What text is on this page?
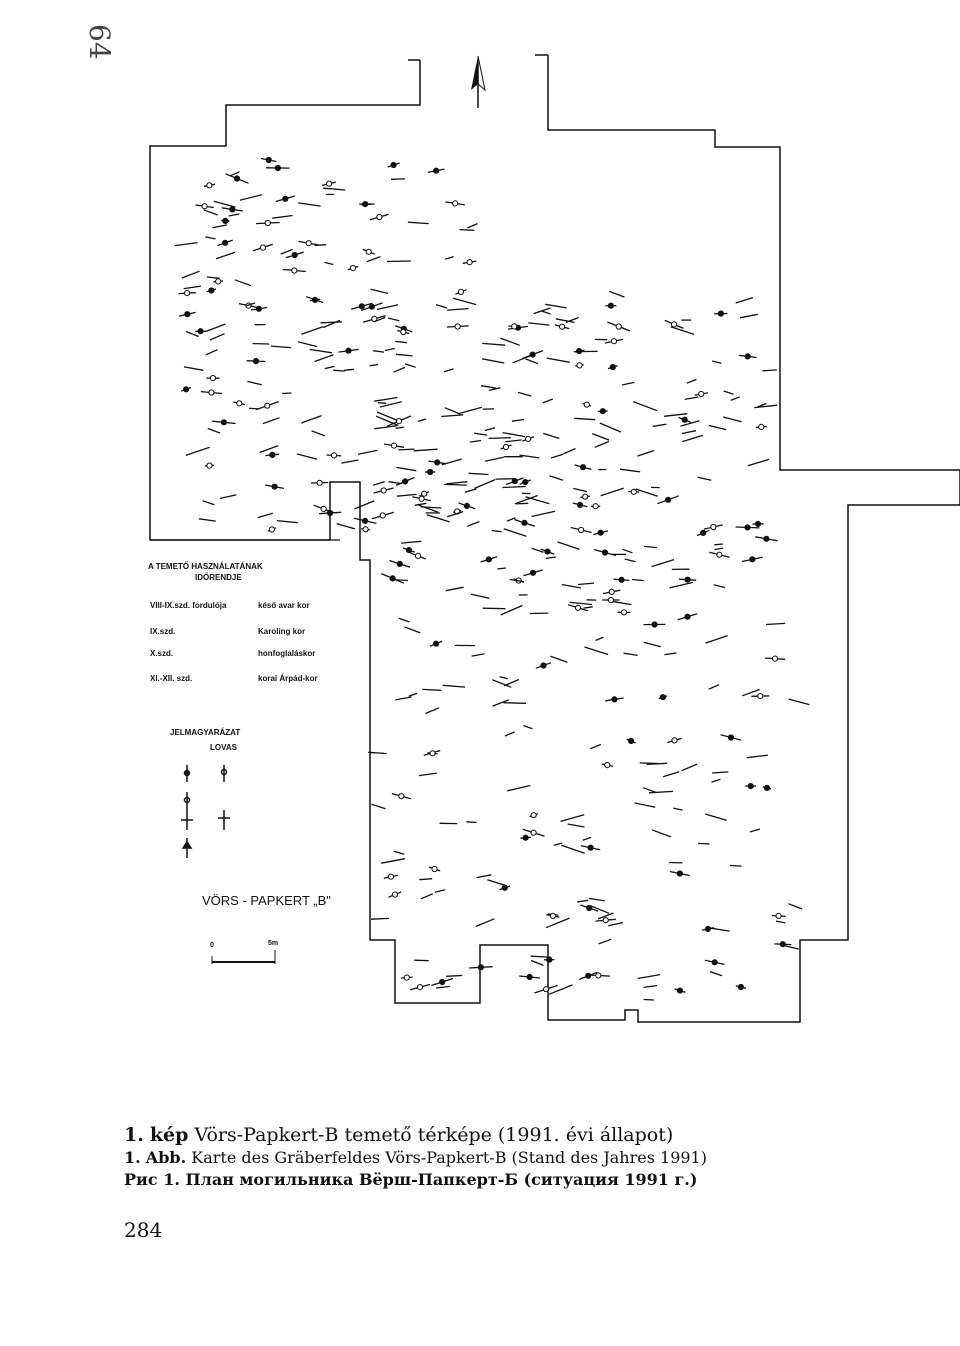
64
A TEMETŐ HASZNÁLATÁNAK
IDŐRENDJE
VIII-IX.szd. fordulója	késő avar kor
IX.szd.	Karoling kor
X.szd.	honfoglaláskor
XI.-XII. szd.	korai Árpád-kor
JELMAGYARÁZAT
LOVAS
VÖRS - PAPKERT „B"
0	5m
1. kép Vörs-Papkert-B temető térképe (1991. évi állapot)
1. Abb. Karte des Gräberfeldes Vörs-Papkert-B (Stand des Jahres 1991)
Рис 1. План могильника Вёрш-Папкерт-Б (ситуация 1991 г.)
284
